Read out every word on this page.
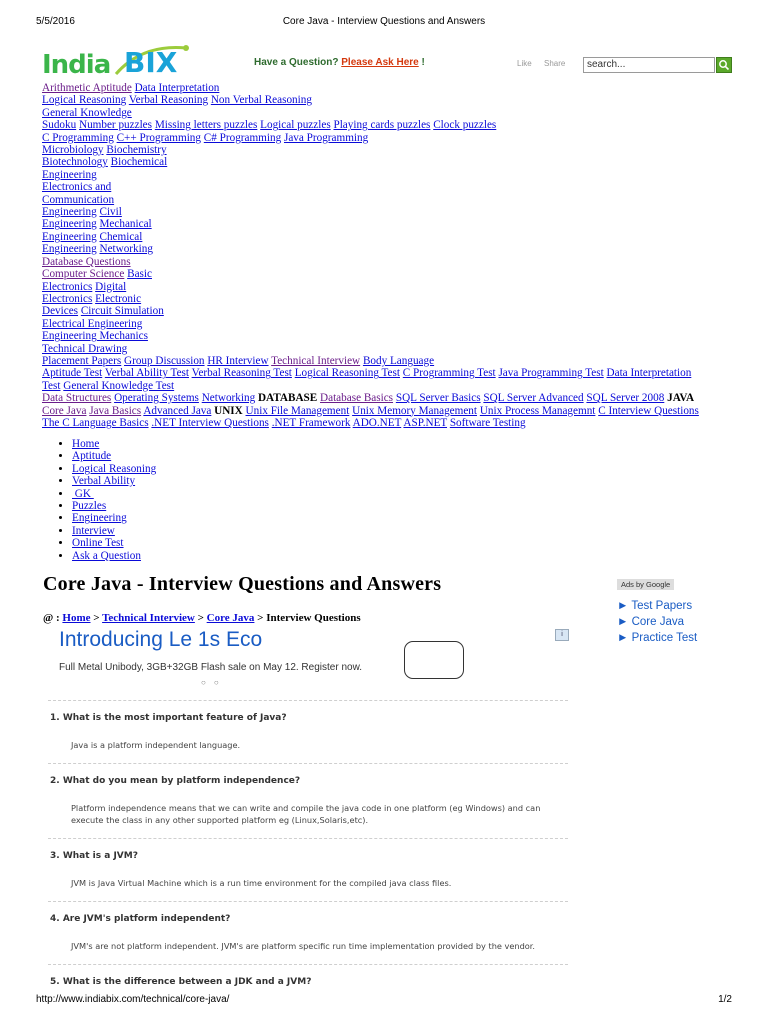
5/5/2016	Core Java - Interview Questions and Answers
India BIX	Have a Question? Please Ask Here !	Like Share	search...
Arithmetic Aptitude Data Interpretation
Logical Reasoning Verbal Reasoning Non Verbal Reasoning
General Knowledge
Sudoku Number puzzles Missing letters puzzles Logical puzzles Playing cards puzzles Clock puzzles
C Programming C++ Programming C# Programming Java Programming
Microbiology Biochemistry
Biotechnology Biochemical
Engineering
Electronics and
Communication
Engineering Civil
Engineering Mechanical
Engineering Chemical
Engineering Networking
Database Questions
Computer Science Basic
Electronics Digital
Electronics Electronic
Devices Circuit Simulation
Electrical Engineering
Engineering Mechanics
Technical Drawing
Placement Papers Group Discussion HR Interview Technical Interview Body Language
Aptitude Test Verbal Ability Test Verbal Reasoning Test Logical Reasoning Test C Programming Test Java Programming Test Data Interpretation
Test General Knowledge Test
Data Structures Operating Systems Networking DATABASE Database Basics SQL Server Basics SQL Server Advanced SQL Server 2008 JAVA
Core Java Java Basics Advanced Java UNIX Unix File Management Unix Memory Management Unix Process Managemnt C Interview Questions
The C Language Basics .NET Interview Questions .NET Framework ADO.NET ASP.NET Software Testing
• Home
• Aptitude
• Logical Reasoning
• Verbal Ability
•  GK
• Puzzles
• Engineering
• Interview
• Online Test
• Ask a Question
Core Java - Interview Questions and Answers
@ : Home > Technical Interview > Core Java > Interview Questions
Introducing Le 1s Eco
Full Metal Unibody, 3GB+32GB Flash sale on May 12. Register now.
i
○○
Ads by Google
► Test Papers
► Core Java
► Practice Test
1. What is the most important feature of Java?
Java is a platform independent language.
2. What do you mean by platform independence?
Platform independence means that we can write and compile the java code in one platform (eg Windows) and can execute the class in any other supported platform eg (Linux,Solaris,etc).
3. What is a JVM?
JVM is Java Virtual Machine which is a run time environment for the compiled java class files.
4. Are JVM's platform independent?
JVM's are not platform independent. JVM's are platform specific run time implementation provided by the vendor.
5. What is the difference between a JDK and a JVM?
http://www.indiabix.com/technical/core-java/	1/2
